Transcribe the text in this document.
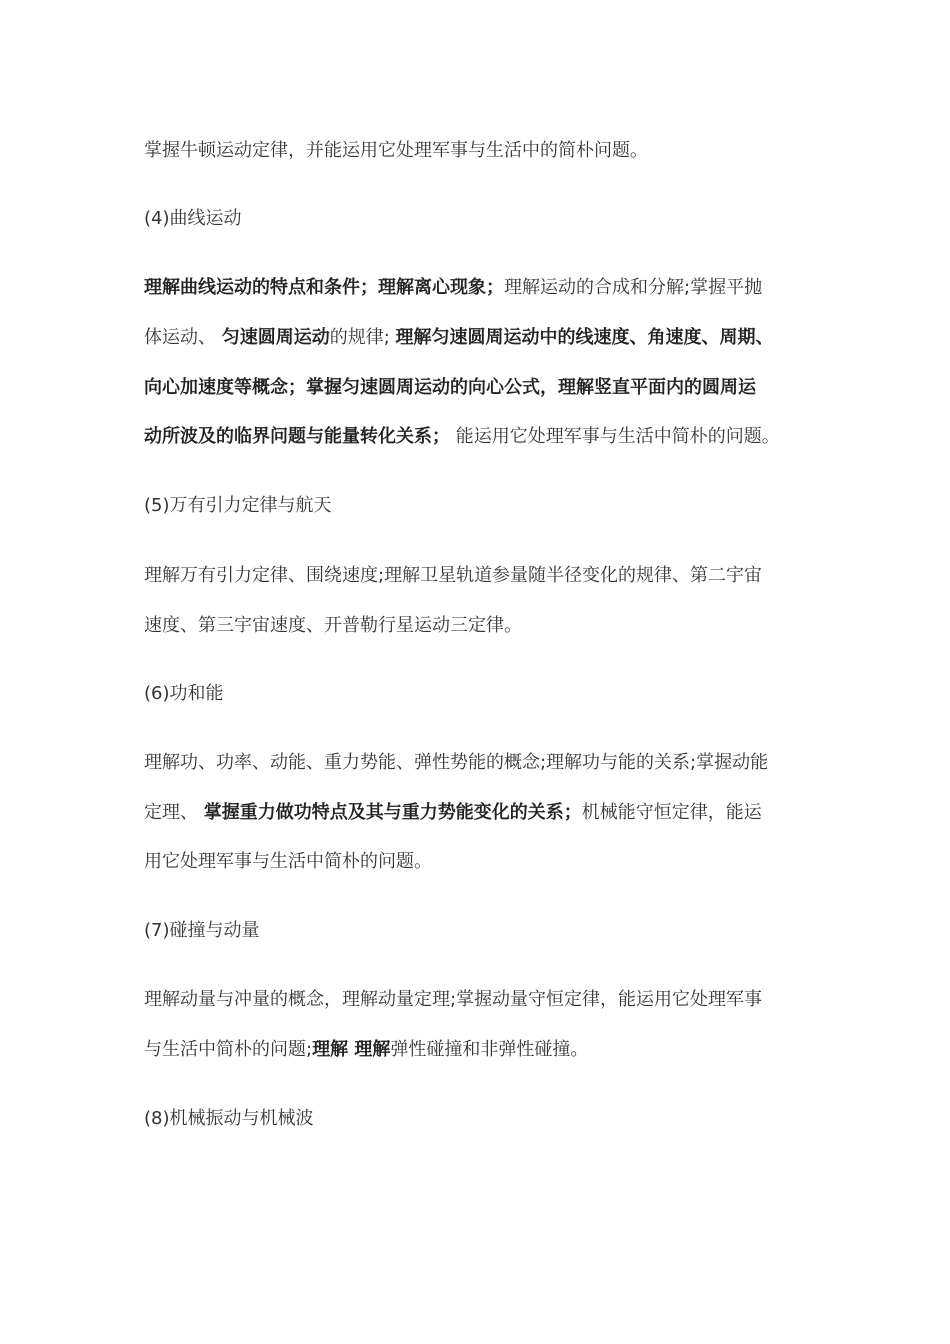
掌握牛顿运动定律，并能运用它处理军事与生活中的简朴问题。
(4)曲线运动
理解曲线运动的特点和条件；理解离心现象；理解运动的合成和分解;掌握平抛
体运动、 匀速圆周运动的规律; 理解匀速圆周运动中的线速度、角速度、周期、
向心加速度等概念；掌握匀速圆周运动的向心公式，理解竖直平面内的圆周运
动所波及的临界问题与能量转化关系； 能运用它处理军事与生活中简朴的问题。
(5)万有引力定律与航天
理解万有引力定律、围绕速度;理解卫星轨道参量随半径变化的规律、第二宇宙
速度、第三宇宙速度、开普勒行星运动三定律。
(6)功和能
理解功、功率、动能、重力势能、弹性势能的概念;理解功与能的关系;掌握动能
定理、 掌握重力做功特点及其与重力势能变化的关系；机械能守恒定律，能运
用它处理军事与生活中简朴的问题。
(7)碰撞与动量
理解动量与冲量的概念，理解动量定理;掌握动量守恒定律，能运用它处理军事
与生活中简朴的问题;理解 理解弹性碰撞和非弹性碰撞。
(8)机械振动与机械波
